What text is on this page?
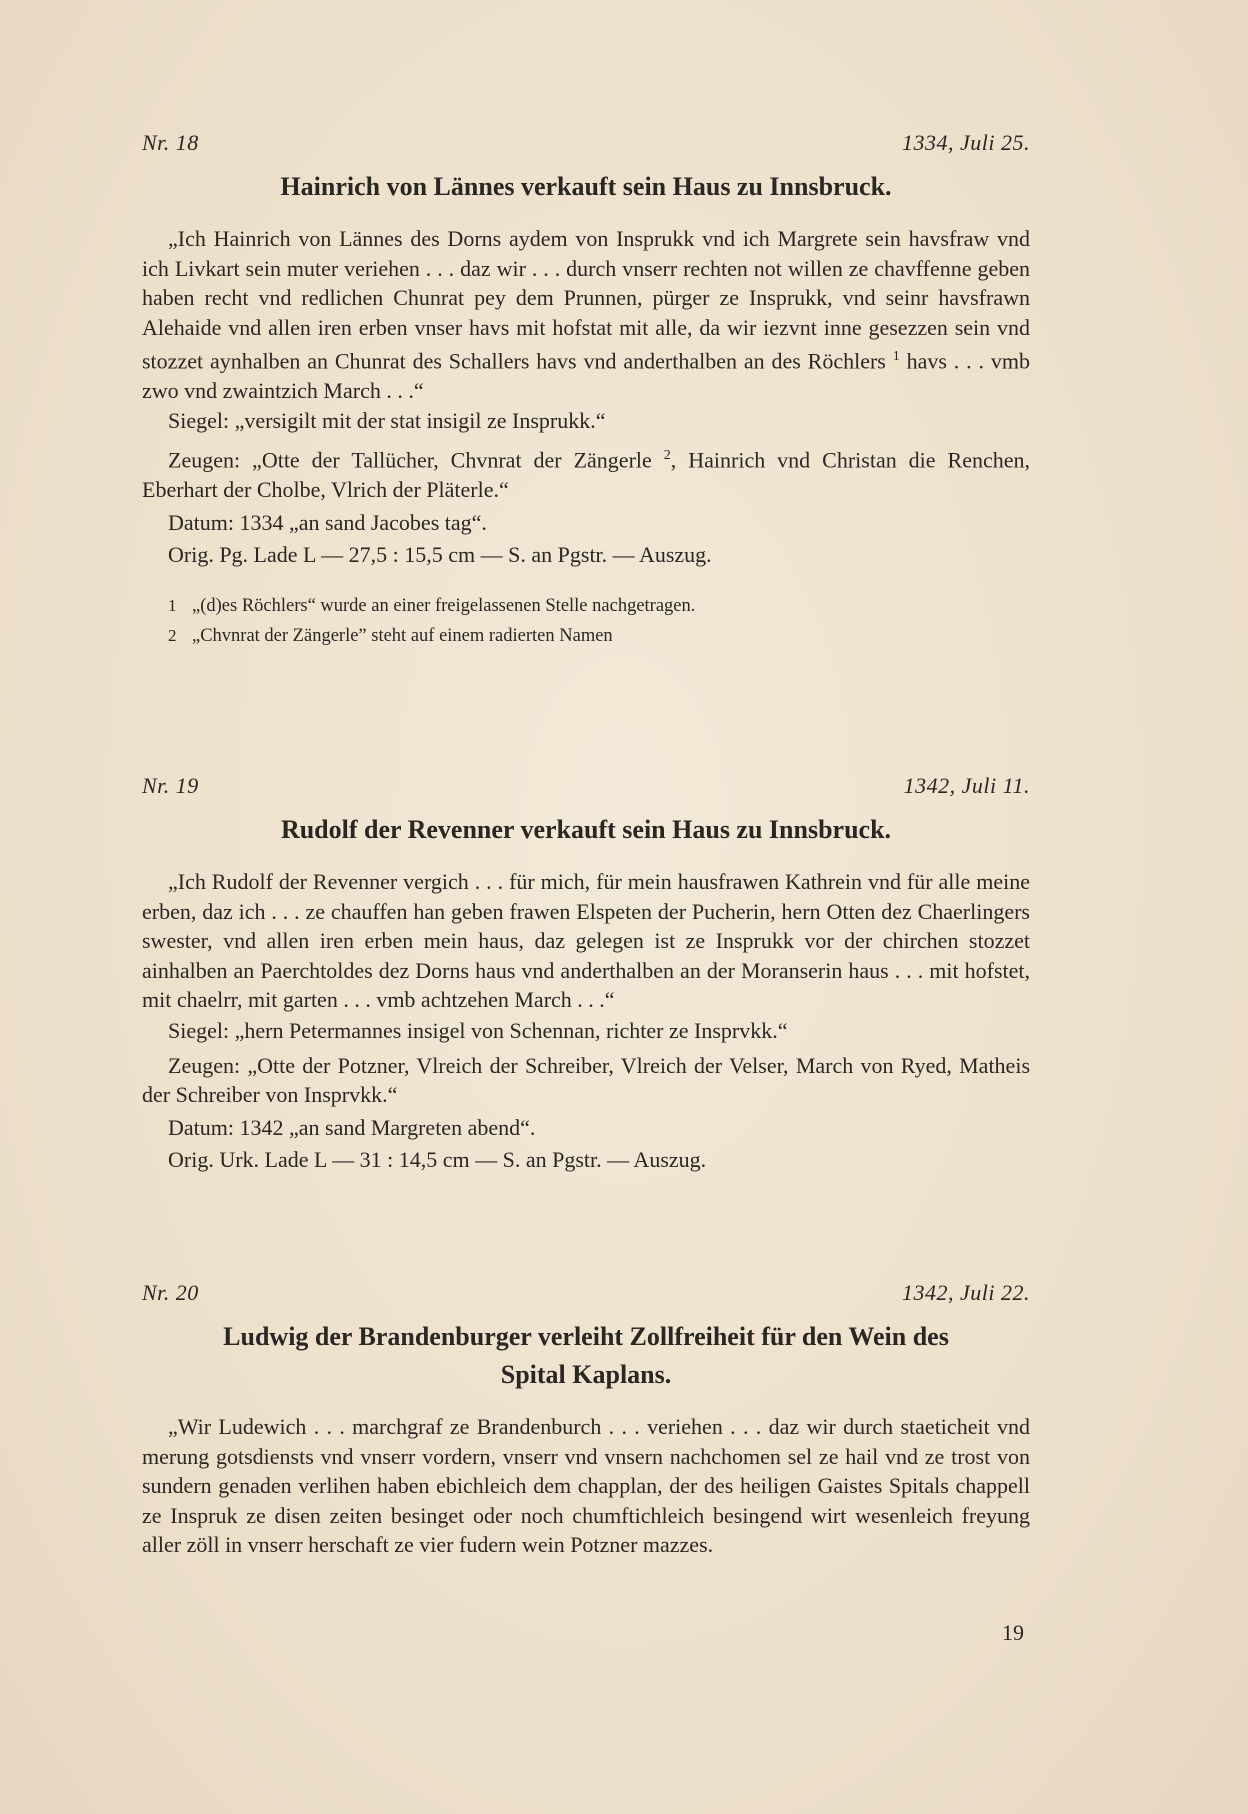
Nr. 18	1334, Juli 25.
Hainrich von Lännes verkauft sein Haus zu Innsbruck.

„Ich Hainrich von Lännes des Dorns aydem von Insprukk vnd ich Margrete sein havsfraw vnd ich Livkart sein muter veriehen . . . daz wir . . . durch vnserr rechten not willen ze chavffenne geben haben recht vnd redlichen Chunrat pey dem Prunnen, pürger ze Insprukk, vnd seinr havsfrawn Alehaide vnd allen iren erben vnser havs mit hofstat mit alle, da wir iezvnt inne gesezzen sein vnd stozzet aynhalben an Chunrat des Schallers havs vnd anderthalben an des Röchlers $^1$ havs . . . vmb zwo vnd zwaintzich March . . .“

Siegel: „versigilt mit der stat insigil ze Insprukk.“

Zeugen: „Otte der Tallücher, Chvnrat der Zängerle $^2$, Hainrich vnd Christan die Renchen, Eberhart der Cholbe, Vlrich der Pläterle.“

Datum: 1334 „an sand Jacobes tag“.

Orig. Pg. Lade L — 27,5 : 15,5 cm — S. an Pgstr. — Auszug.

1 „(d)es Röchlers“ wurde an einer freigelassenen Stelle nachgetragen.
2 „Chvnrat der Zängerle” steht auf einem radierten Namen
Nr. 19	1342, Juli 11.
Rudolf der Revenner verkauft sein Haus zu Innsbruck.

„Ich Rudolf der Revenner vergich . . . für mich, für mein hausfrawen Kathrein vnd für alle meine erben, daz ich . . . ze chauffen han geben frawen Elspeten der Pucherin, hern Otten dez Chaerlingers swester, vnd allen iren erben mein haus, daz gelegen ist ze Insprukk vor der chirchen stozzet ainhalben an Paerchtoldes dez Dorns haus vnd anderthalben an der Moranserin haus . . . mit hofstet, mit chaelrr, mit garten . . . vmb achtzehen March . . .“

Siegel: „hern Petermannes insigel von Schennan, richter ze Insprvkk.“

Zeugen: „Otte der Potzner, Vlreich der Schreiber, Vlreich der Velser, March von Ryed, Matheis der Schreiber von Insprvkk.“

Datum: 1342 „an sand Margreten abend“.

Orig. Urk. Lade L — 31 : 14,5 cm — S. an Pgstr. — Auszug.

Nr. 20	1342, Juli 22.
Ludwig der Brandenburger verleiht Zollfreiheit für den Wein des
Spital Kaplans.

„Wir Ludewich . . . marchgraf ze Brandenburch . . . veriehen . . . daz wir durch staeticheit vnd merung gotsdiensts vnd vnserr vordern, vnserr vnd vnsern nachchomen sel ze hail vnd ze trost von sundern genaden verlihen haben ebichleich dem chapplan, der des heiligen Gaistes Spitals chappell ze Inspruk ze disen zeiten besinget oder noch chumftichleich besingend wirt wesenleich freyung aller zöll in vnserr herschaft ze vier fudern wein Potzner mazzes.

19
